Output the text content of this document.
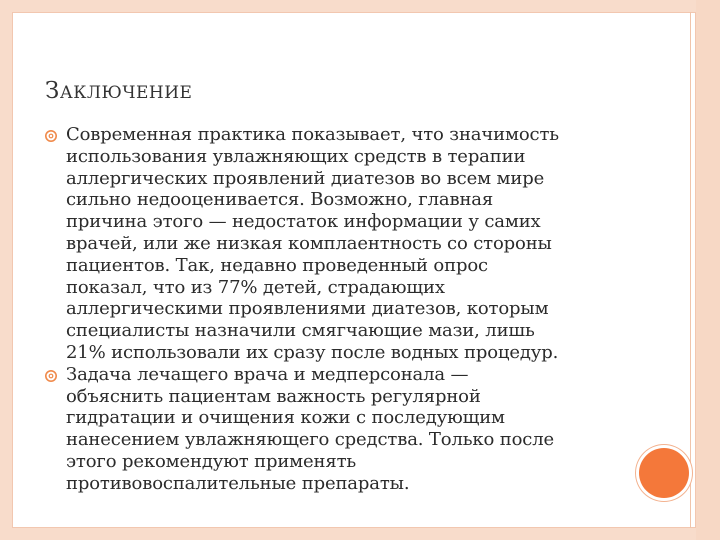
ЗАКЛЮЧЕНИЕ
Современная практика показывает, что значимость
использования увлажняющих средств в терапии
аллергических проявлений диатезов во всем мире
сильно недооценивается. Возможно, главная
причина этого — недостаток информации у самих
врачей, или же низкая комплаентность со стороны
пациентов. Так, недавно проведенный опрос
показал, что из 77% детей, страдающих
аллергическими проявлениями диатезов, которым
специалисты назначили смягчающие мази, лишь
21% использовали их сразу после водных процедур.
Задача лечащего врача и медперсонала —
объяснить пациентам важность регулярной
гидратации и очищения кожи с последующим
нанесением увлажняющего средства. Только после
этого рекомендуют применять
противовоспалительные препараты.
